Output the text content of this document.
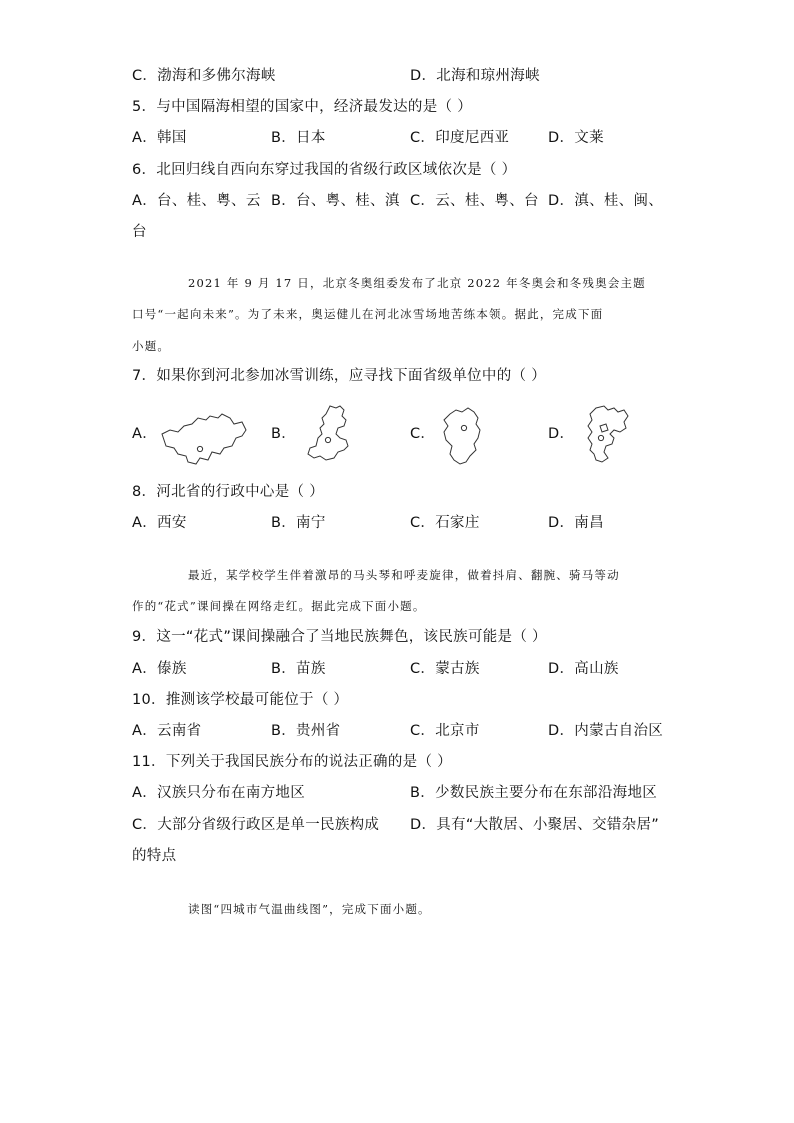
C．渤海和多佛尔海峡	D．北海和琼州海峡
5．与中国隔海相望的国家中，经济最发达的是（ ）
A．韩国	B．日本	C．印度尼西亚	D．文莱
6．北回归线自西向东穿过我国的省级行政区域依次是（ ）
A．台、桂、粤、云 B．台、粤、桂、滇 C．云、桂、粤、台 D．滇、桂、闽、
台
2021 年 9 月 17 日，北京冬奥组委发布了北京 2022 年冬奥会和冬残奥会主题
口号“一起向未来”。为了未来，奥运健儿在河北冰雪场地苦练本领。据此，完成下面
小题。
7．如果你到河北参加冰雪训练，应寻找下面省级单位中的（ ）
A．	B．	C．	D．
8．河北省的行政中心是（ ）
A．西安	B．南宁	C．石家庄	D．南昌
最近，某学校学生伴着激昂的马头琴和呼麦旋律，做着抖肩、翻腕、骑马等动
作的“花式”课间操在网络走红。据此完成下面小题。
9．这一“花式”课间操融合了当地民族舞色，该民族可能是（ ）
A．傣族	B．苗族	C．蒙古族	D．高山族
10．推测该学校最可能位于（ ）
A．云南省	B．贵州省	C．北京市	D．内蒙古自治区
11．下列关于我国民族分布的说法正确的是（ ）
A．汉族只分布在南方地区	B．少数民族主要分布在东部沿海地区
C．大部分省级行政区是单一民族构成 D．具有“大散居、小聚居、交错杂居”
的特点
读图“四城市气温曲线图”，完成下面小题。
